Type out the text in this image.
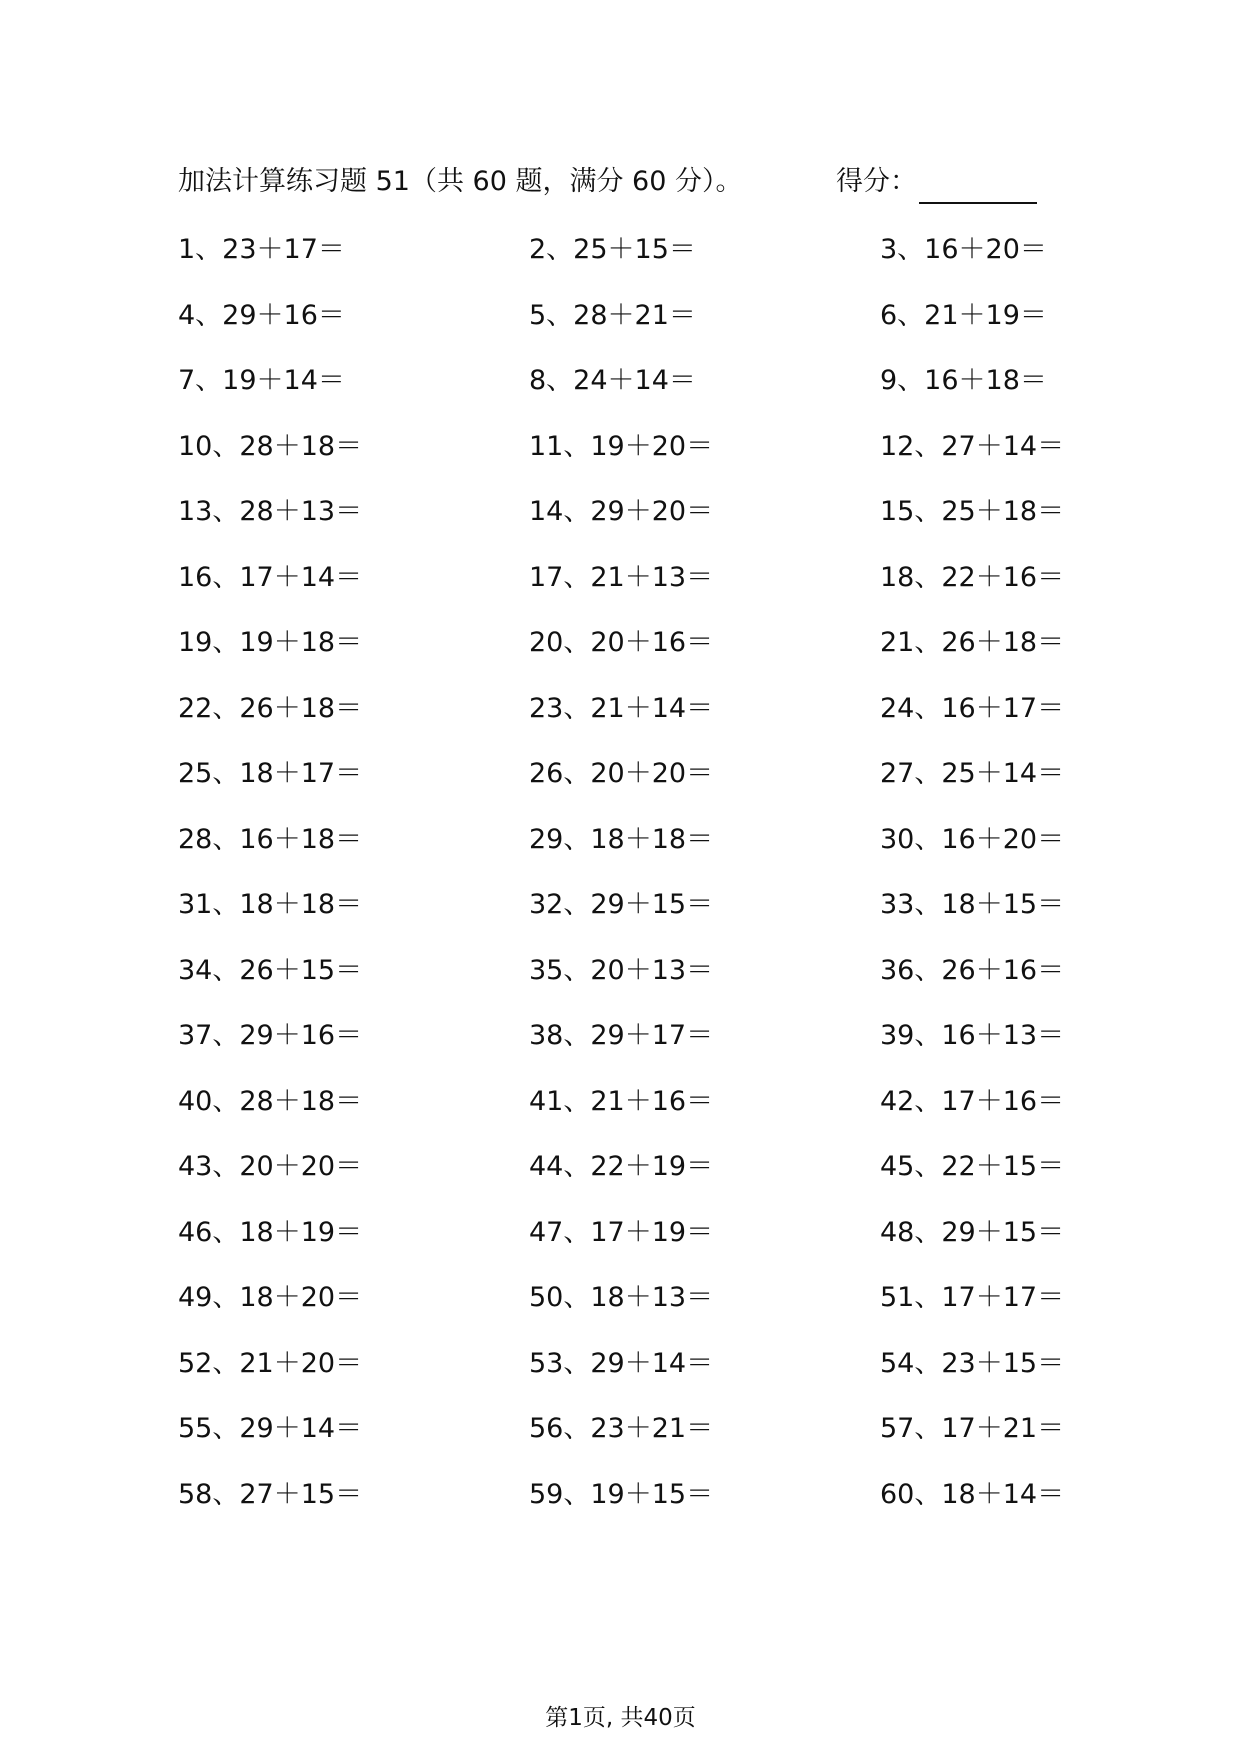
加法计算练习题 51（共 60 题，满分 60 分）。	得分：
1、23＋17＝	2、25＋15＝	3、16＋20＝
4、29＋16＝	5、28＋21＝	6、21＋19＝
7、19＋14＝	8、24＋14＝	9、16＋18＝
10、28＋18＝	11、19＋20＝	12、27＋14＝
13、28＋13＝	14、29＋20＝	15、25＋18＝
16、17＋14＝	17、21＋13＝	18、22＋16＝
19、19＋18＝	20、20＋16＝	21、26＋18＝
22、26＋18＝	23、21＋14＝	24、16＋17＝
25、18＋17＝	26、20＋20＝	27、25＋14＝
28、16＋18＝	29、18＋18＝	30、16＋20＝
31、18＋18＝	32、29＋15＝	33、18＋15＝
34、26＋15＝	35、20＋13＝	36、26＋16＝
37、29＋16＝	38、29＋17＝	39、16＋13＝
40、28＋18＝	41、21＋16＝	42、17＋16＝
43、20＋20＝	44、22＋19＝	45、22＋15＝
46、18＋19＝	47、17＋19＝	48、29＋15＝
49、18＋20＝	50、18＋13＝	51、17＋17＝
52、21＋20＝	53、29＋14＝	54、23＋15＝
55、29＋14＝	56、23＋21＝	57、17＋21＝
58、27＋15＝	59、19＋15＝	60、18＋14＝
第1页, 共40页
